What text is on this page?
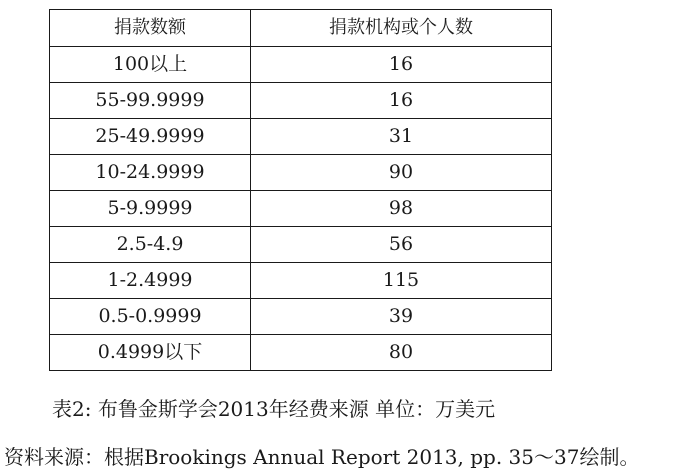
捐款数额	捐款机构或个人数
100以上	16
55-99.9999	16
25-49.9999	31
10-24.9999	90
5-9.9999	98
2.5-4.9	56
1-2.4999	115
0.5-0.9999	39
0.4999以下	80
表2: 布鲁金斯学会2013年经费来源 单位：万美元
资料来源：根据Brookings Annual Report 2013, pp. 35～37绘制。
